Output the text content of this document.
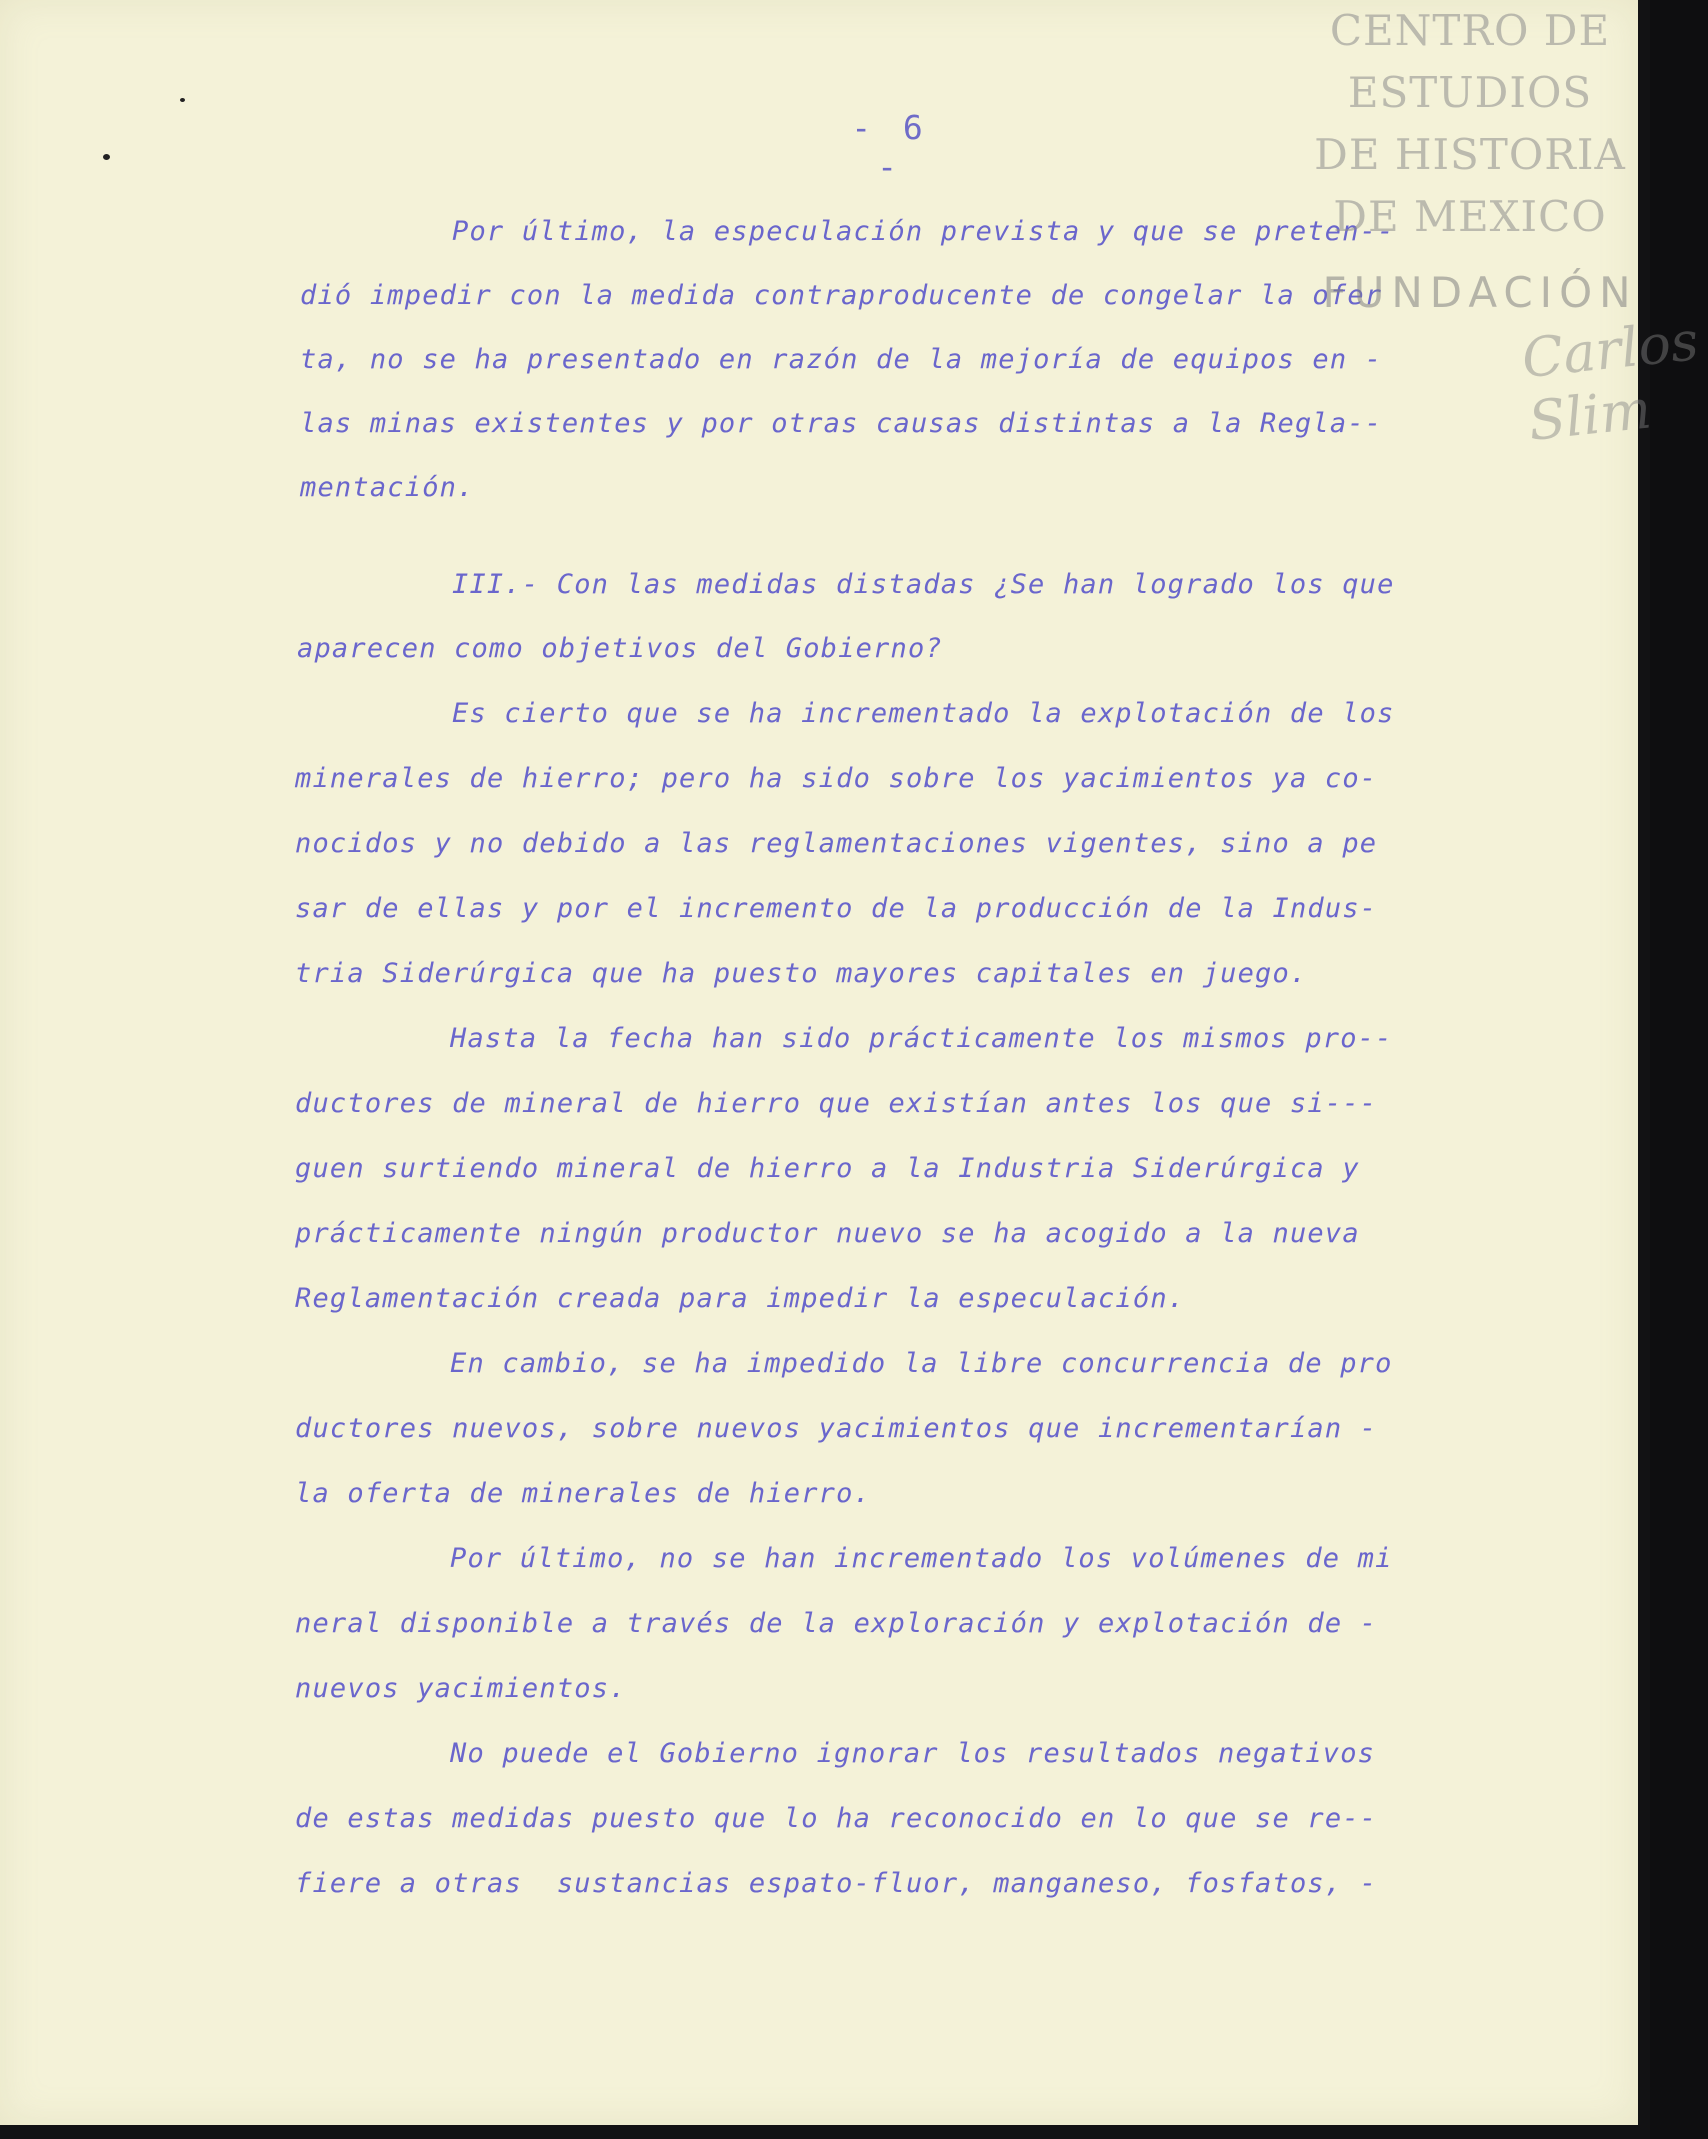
- 6 -
Por último, la especulación prevista y que se preten--
dió impedir con la medida contraproducente de congelar la ofer
ta, no se ha presentado en razón de la mejoría de equipos en -
las minas existentes y por otras causas distintas a la Regla--
mentación.
III.- Con las medidas distadas ¿Se han logrado los que
aparecen como objetivos del Gobierno?
Es cierto que se ha incrementado la explotación de los
minerales de hierro; pero ha sido sobre los yacimientos ya co-
nocidos y no debido a las reglamentaciones vigentes, sino a pe
sar de ellas y por el incremento de la producción de la Indus-
tria Siderúrgica que ha puesto mayores capitales en juego.
Hasta la fecha han sido prácticamente los mismos pro--
ductores de mineral de hierro que existían antes los que si---
guen surtiendo mineral de hierro a la Industria Siderúrgica y
prácticamente ningún productor nuevo se ha acogido a la nueva
Reglamentación creada para impedir la especulación.
En cambio, se ha impedido la libre concurrencia de pro
ductores nuevos, sobre nuevos yacimientos que incrementarían -
la oferta de minerales de hierro.
Por último, no se han incrementado los volúmenes de mi
neral disponible a través de la exploración y explotación de -
nuevos yacimientos.
No puede el Gobierno ignorar los resultados negativos
de estas medidas puesto que lo ha reconocido en lo que se re--
fiere a otras  sustancias espato-fluor, manganeso, fosfatos, -
CENTRO DE
ESTUDIOS
DE HISTORIA
DE MEXICO
FUNDACIÓN
Carlos Slim
